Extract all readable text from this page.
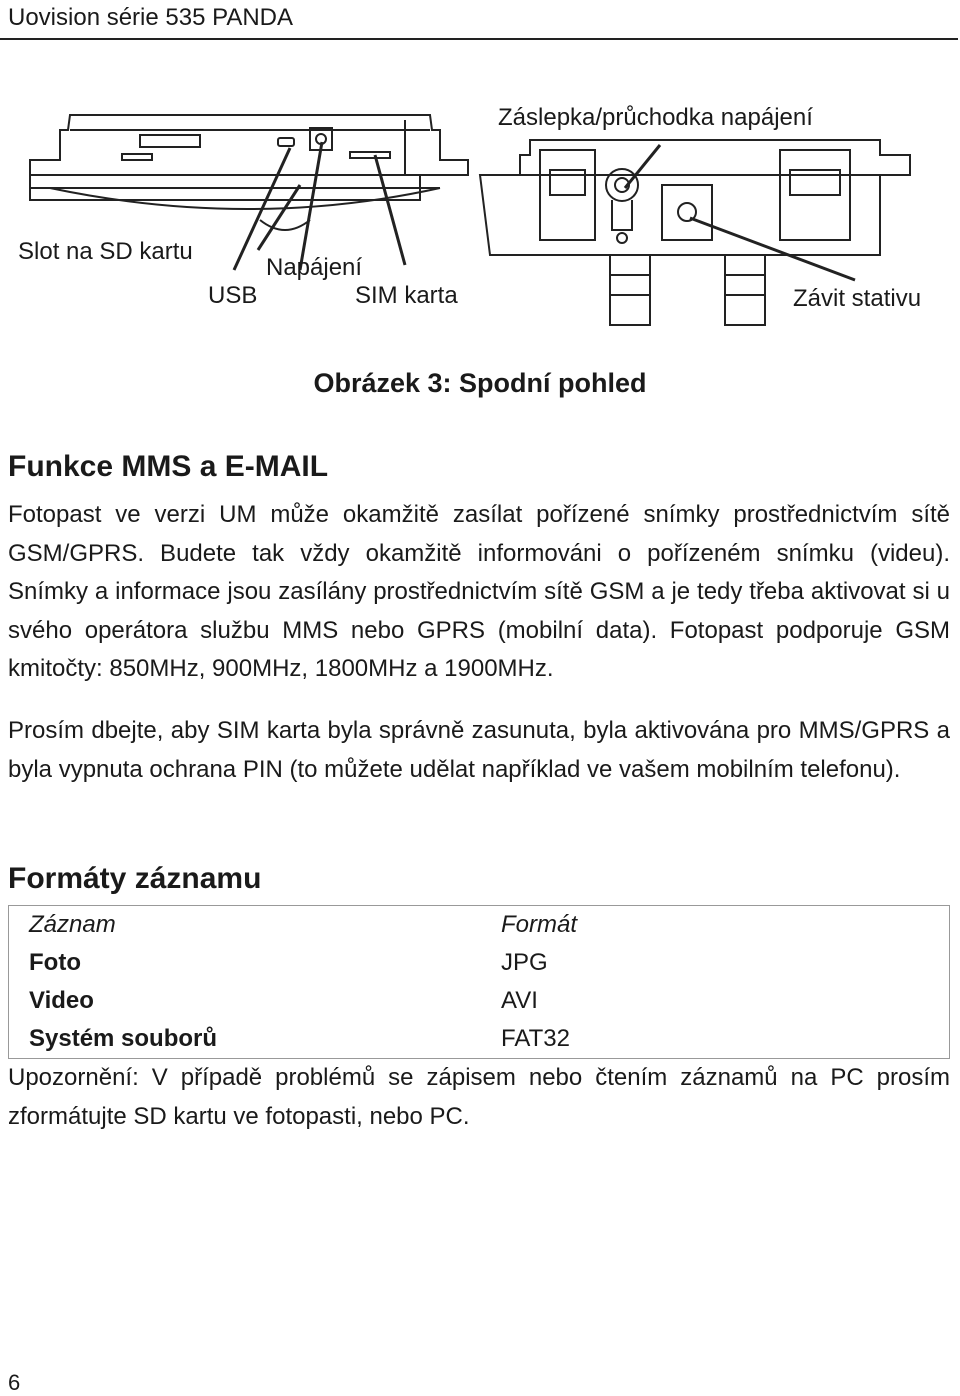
Uovision série 535 PANDA
Záslepka/průchodka napájení
Slot na SD kartu
Napájení
USB	SIM karta	Závit stativu
Obrázek 3: Spodní pohled
Funkce MMS a E-MAIL
Fotopast ve verzi UM může okamžitě zasílat pořízené snímky prostřednictvím sítě GSM/GPRS. Budete tak vždy okamžitě informováni o pořízeném snímku (videu). Snímky a informace jsou zasílány prostřednictvím sítě GSM a je tedy třeba aktivovat si u svého operátora službu MMS nebo GPRS (mobilní data). Fotopast podporuje GSM kmitočty: 850MHz, 900MHz, 1800MHz a 1900MHz.
Prosím dbejte, aby SIM karta byla správně zasunuta, byla aktivována pro MMS/GPRS a byla vypnuta ochrana PIN (to můžete udělat například ve vašem mobilním telefonu).
Formáty záznamu
Záznam	Formát
Foto	JPG
Video	AVI
Systém souborů	FAT32
Upozornění: V případě problémů se zápisem nebo čtením záznamů na PC prosím zformátujte SD kartu ve fotopasti, nebo PC.
6
